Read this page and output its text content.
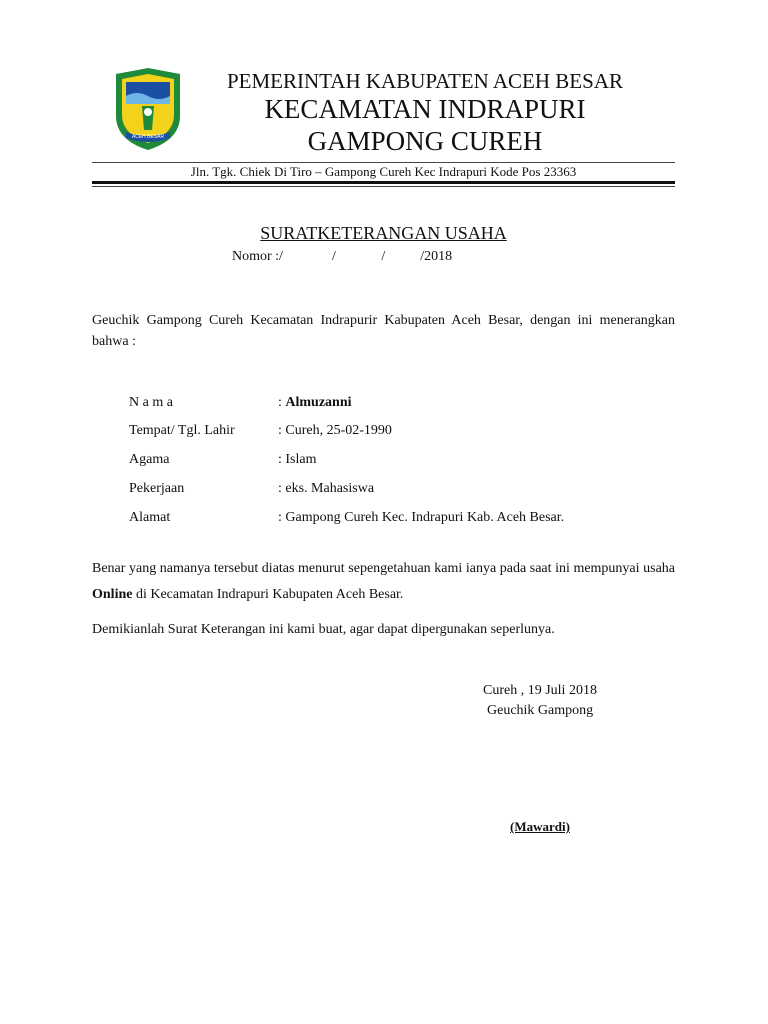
ACEH BESAR
PEMERINTAH KABUPATEN ACEH BESAR
KECAMATAN INDRAPURI
GAMPONG CUREH
Jln. Tgk. Chiek Di Tiro – Gampong Cureh Kec Indrapuri Kode Pos 23363
SURATKETERANGAN USAHA
Nomor :/              /             /          /2018
Geuchik Gampong Cureh Kecamatan Indrapurir Kabupaten Aceh Besar, dengan ini menerangkan bahwa :
N a m a	: Almuzanni
Tempat/ Tgl. Lahir	: Cureh, 25-02-1990
Agama	: Islam
Pekerjaan	: eks. Mahasiswa
Alamat	: Gampong Cureh Kec. Indrapuri Kab. Aceh Besar.
Benar yang namanya tersebut diatas menurut sepengetahuan kami ianya pada saat ini mempunyai usaha Online di Kecamatan Indrapuri Kabupaten Aceh Besar.
Demikianlah Surat Keterangan ini kami buat, agar dapat dipergunakan seperlunya.
Cureh , 19 Juli 2018
Geuchik Gampong
(Mawardi)
